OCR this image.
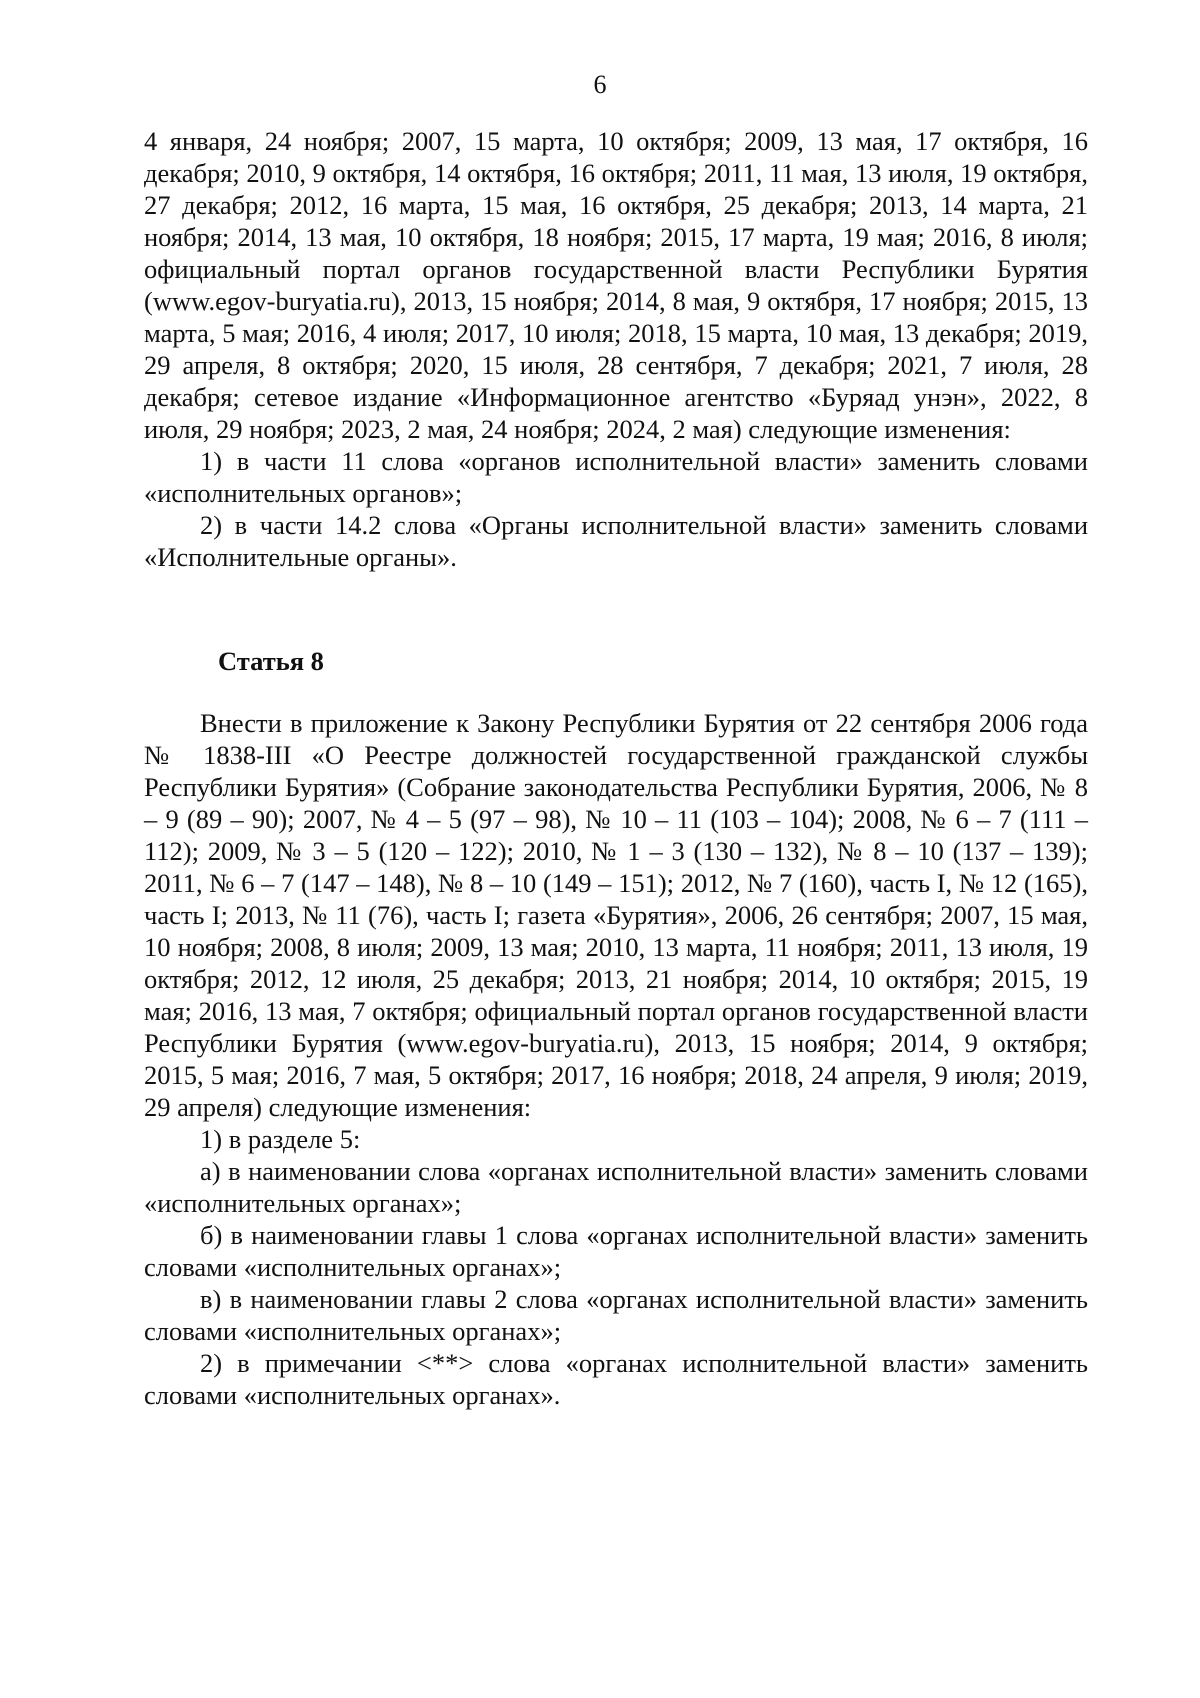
6

4 января, 24 ноября; 2007, 15 марта, 10 октября; 2009, 13 мая, 17 октября, 16 декабря; 2010, 9 октября, 14 октября, 16 октября; 2011, 11 мая, 13 июля, 19 октября, 27 декабря; 2012, 16 марта, 15 мая, 16 октября, 25 декабря; 2013, 14 марта, 21 ноября; 2014, 13 мая, 10 октября, 18 ноября; 2015, 17 марта, 19 мая; 2016, 8 июля; официальный портал органов государственной власти Республики Бурятия (www.egov-buryatia.ru), 2013, 15 ноября; 2014, 8 мая, 9 октября, 17 ноября; 2015, 13 марта, 5 мая; 2016, 4 июля; 2017, 10 июля; 2018, 15 марта, 10 мая, 13 декабря; 2019, 29 апреля, 8 октября; 2020, 15 июля, 28 сентября, 7 декабря; 2021, 7 июля, 28 декабря; сетевое издание «Информационное агентство «Буряад унэн», 2022, 8 июля, 29 ноября; 2023, 2 мая, 24 ноября; 2024, 2 мая) следующие изменения:

1) в части 11 слова «органов исполнительной власти» заменить словами «исполнительных органов»;

2) в части 14.2 слова «Органы исполнительной власти» заменить словами «Исполнительные органы».

Статья 8

Внести в приложение к Закону Республики Бурятия от 22 сентября 2006 года № 1838-III «О Реестре должностей государственной гражданской службы Республики Бурятия» (Собрание законодательства Республики Бурятия, 2006, № 8 – 9 (89 – 90); 2007, № 4 – 5 (97 – 98), № 10 – 11 (103 – 104); 2008, № 6 – 7 (111 – 112); 2009, № 3 – 5 (120 – 122); 2010, № 1 – 3 (130 – 132), № 8 – 10 (137 – 139); 2011, № 6 – 7 (147 – 148), № 8 – 10 (149 – 151); 2012, № 7 (160), часть I, № 12 (165), часть I; 2013, № 11 (76), часть I; газета «Бурятия», 2006, 26 сентября; 2007, 15 мая, 10 ноября; 2008, 8 июля; 2009, 13 мая; 2010, 13 марта, 11 ноября; 2011, 13 июля, 19 октября; 2012, 12 июля, 25 декабря; 2013, 21 ноября; 2014, 10 октября; 2015, 19 мая; 2016, 13 мая, 7 октября; официальный портал органов государственной власти Республики Бурятия (www.egov-buryatia.ru), 2013, 15 ноября; 2014, 9 октября; 2015, 5 мая; 2016, 7 мая, 5 октября; 2017, 16 ноября; 2018, 24 апреля, 9 июля; 2019, 29 апреля) следующие изменения:

1) в разделе 5:

а) в наименовании слова «органах исполнительной власти» заменить словами «исполнительных органах»;

б) в наименовании главы 1 слова «органах исполнительной власти» заменить словами «исполнительных органах»;

в) в наименовании главы 2 слова «органах исполнительной власти» заменить словами «исполнительных органах»;

2) в примечании <**> слова «органах исполнительной власти» заменить словами «исполнительных органах».
